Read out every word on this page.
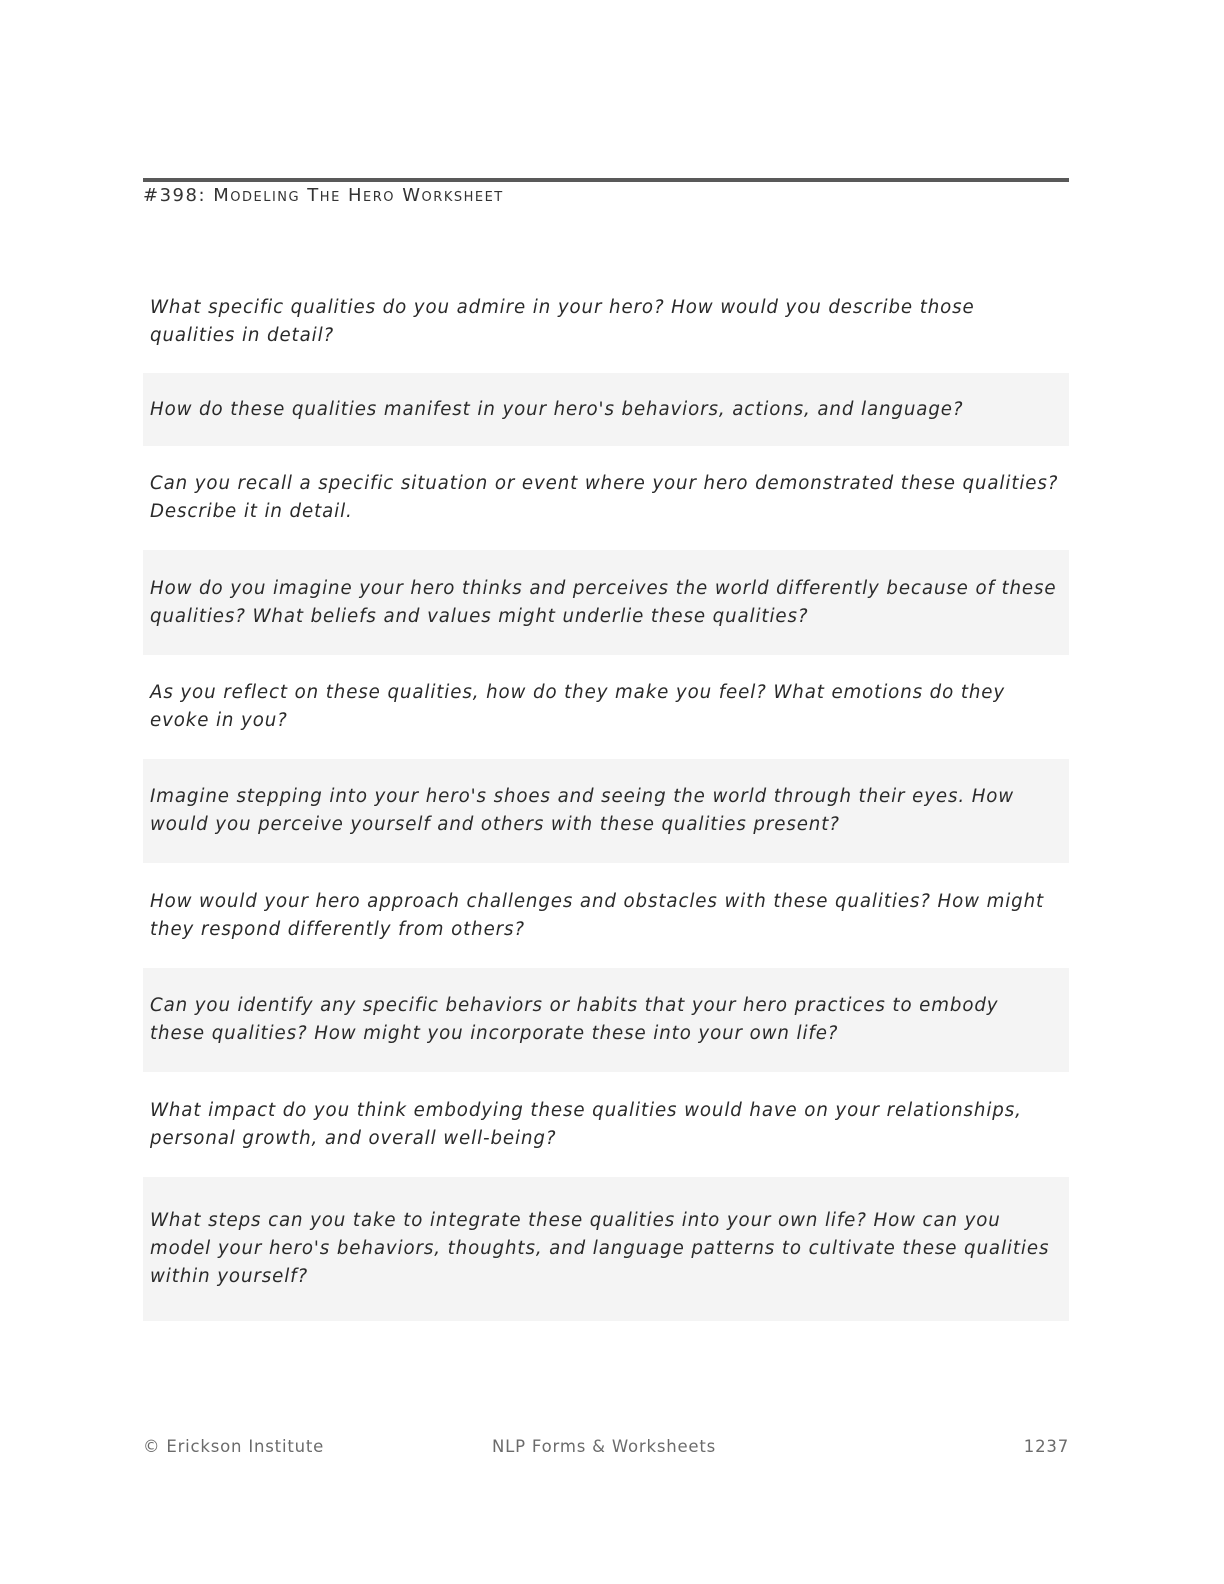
#398: Modeling The Hero Worksheet
What specific qualities do you admire in your hero? How would you describe those qualities in detail?
How do these qualities manifest in your hero's behaviors, actions, and language?
Can you recall a specific situation or event where your hero demonstrated these qualities? Describe it in detail.
How do you imagine your hero thinks and perceives the world differently because of these qualities? What beliefs and values might underlie these qualities?
As you reflect on these qualities, how do they make you feel? What emotions do they evoke in you?
Imagine stepping into your hero's shoes and seeing the world through their eyes. How would you perceive yourself and others with these qualities present?
How would your hero approach challenges and obstacles with these qualities? How might they respond differently from others?
Can you identify any specific behaviors or habits that your hero practices to embody these qualities? How might you incorporate these into your own life?
What impact do you think embodying these qualities would have on your relationships, personal growth, and overall well-being?
What steps can you take to integrate these qualities into your own life? How can you model your hero's behaviors, thoughts, and language patterns to cultivate these qualities within yourself?
© Erickson Institute	NLP Forms & Worksheets	1237
